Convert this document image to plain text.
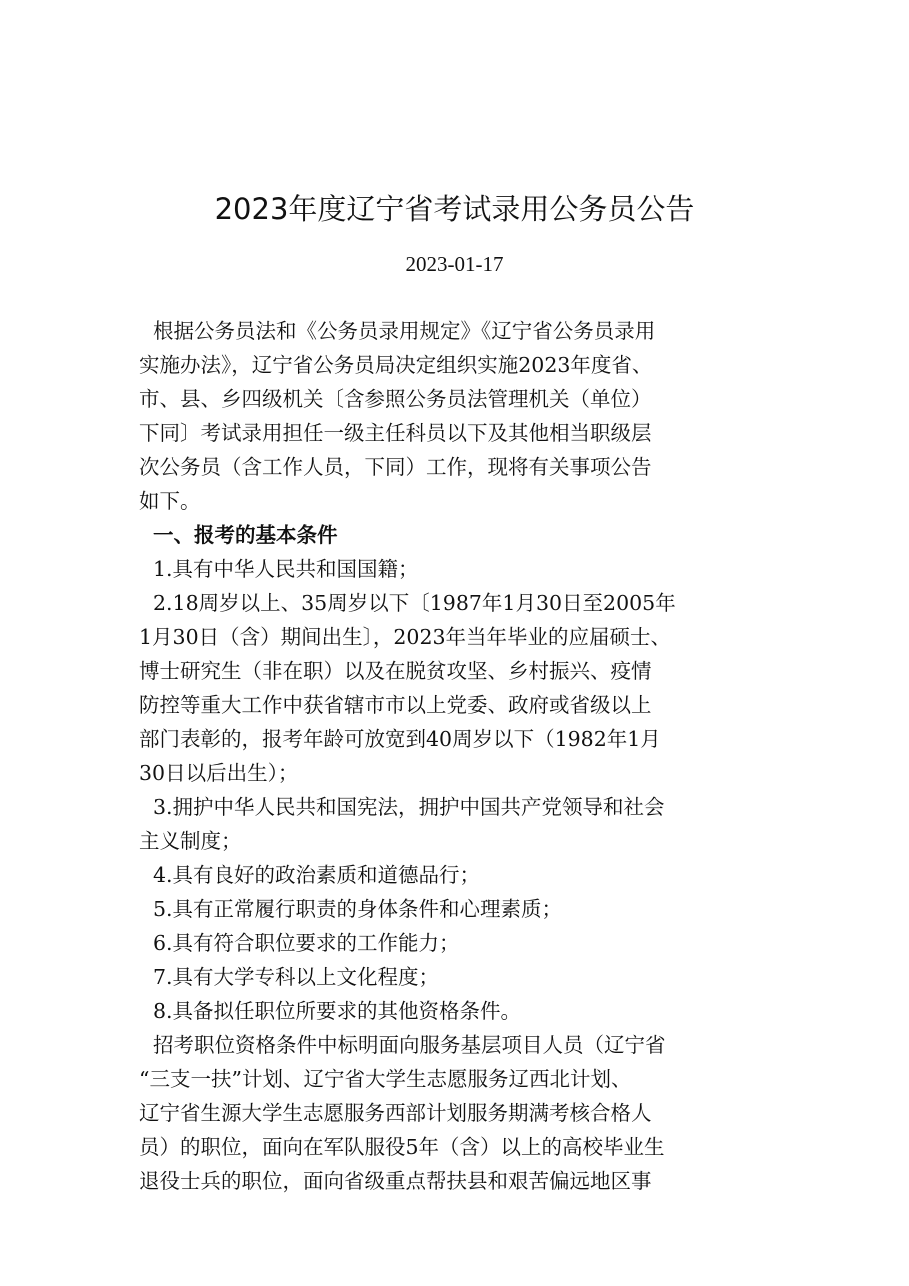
2023年度辽宁省考试录用公务员公告
2023-01-17
根据公务员法和《公务员录用规定》《辽宁省公务员录用
实施办法》，辽宁省公务员局决定组织实施2023年度省、
市、县、乡四级机关〔含参照公务员法管理机关（单位）
下同〕考试录用担任一级主任科员以下及其他相当职级层
次公务员（含工作人员，下同）工作，现将有关事项公告
如下。
一、报考的基本条件
1.具有中华人民共和国国籍；
2.18周岁以上、35周岁以下〔1987年1月30日至2005年
1月30日（含）期间出生〕，2023年当年毕业的应届硕士、
博士研究生（非在职）以及在脱贫攻坚、乡村振兴、疫情
防控等重大工作中获省辖市市以上党委、政府或省级以上
部门表彰的，报考年龄可放宽到40周岁以下（1982年1月
30日以后出生）；
3.拥护中华人民共和国宪法，拥护中国共产党领导和社会
主义制度；
4.具有良好的政治素质和道德品行；
5.具有正常履行职责的身体条件和心理素质；
6.具有符合职位要求的工作能力；
7.具有大学专科以上文化程度；
8.具备拟任职位所要求的其他资格条件。
招考职位资格条件中标明面向服务基层项目人员（辽宁省
“三支一扶”计划、辽宁省大学生志愿服务辽西北计划、
辽宁省生源大学生志愿服务西部计划服务期满考核合格人
员）的职位，面向在军队服役5年（含）以上的高校毕业生
退役士兵的职位，面向省级重点帮扶县和艰苦偏远地区事
